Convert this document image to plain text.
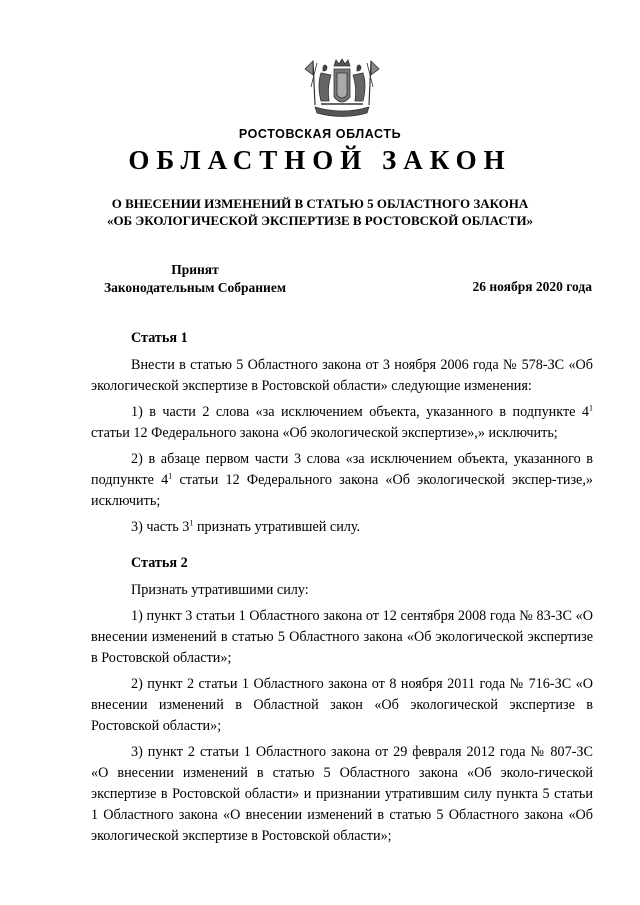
РОСТОВСКАЯ ОБЛАСТЬ
ОБЛАСТНОЙ ЗАКОН
О ВНЕСЕНИИ ИЗМЕНЕНИЙ В СТАТЬЮ 5 ОБЛАСТНОГО ЗАКОНА
«ОБ ЭКОЛОГИЧЕСКОЙ ЭКСПЕРТИЗЕ В РОСТОВСКОЙ ОБЛАСТИ»
Принят
Законодательным Собранием	26 ноября 2020 года
Статья 1

Внести в статью 5 Областного закона от 3 ноября 2006 года № 578-ЗС «Об экологической экспертизе в Ростовской области» следующие изменения:

1) в части 2 слова «за исключением объекта, указанного в подпункте $4^1$ статьи 12 Федерального закона «Об экологической экспертизе»,» исключить;

2) в абзаце первом части 3 слова «за исключением объекта, указанного в подпункте $4^1$ статьи 12 Федерального закона «Об экологической экспер-тизе,» исключить;

3) часть $3^1$ признать утратившей силу.

Статья 2

Признать утратившими силу:

1) пункт 3 статьи 1 Областного закона от 12 сентября 2008 года № 83-ЗС «О внесении изменений в статью 5 Областного закона «Об экологической экспертизе в Ростовской области»;

2) пункт 2 статьи 1 Областного закона от 8 ноября 2011 года № 716-ЗС «О внесении изменений в Областной закон «Об экологической экспертизе в Ростовской области»;

3) пункт 2 статьи 1 Областного закона от 29 февраля 2012 года № 807-ЗС «О внесении изменений в статью 5 Областного закона «Об эколо-гической экспертизе в Ростовской области» и признании утратившим силу пункта 5 статьи 1 Областного закона «О внесении изменений в статью 5 Областного закона «Об экологической экспертизе в Ростовской области»;
